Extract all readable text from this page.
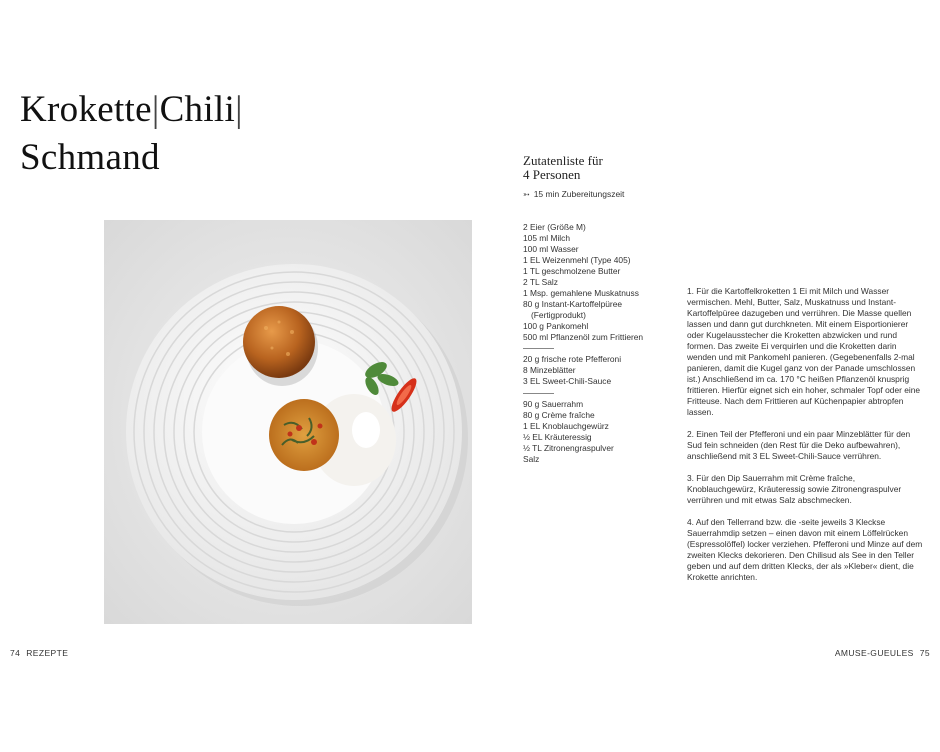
Krokette|Chili|
Schmand	Zutatenliste für
4 Personen
➳ 15 min Zubereitungszeit
2 Eier (Größe M)
105 ml Milch
100 ml Wasser
1 EL Weizenmehl (Type 405)
1 TL geschmolzene Butter
2 TL Salz
1 Msp. gemahlene Muskatnuss
80 g Instant-Kartoffelpüree
(Fertigprodukt)
100 g Pankomehl
500 ml Pflanzenöl zum Frittieren
20 g frische rote Pfefferoni
8 Minzeblätter
3 EL Sweet-Chili-Sauce
90 g Sauerrahm
80 g Crème fraîche
1 EL Knoblauchgewürz
½ EL Kräuteressig
½ TL Zitronengraspulver
Salz

1. Für die Kartoffelkroketten 1 Ei mit Milch und Wasser vermischen. Mehl, Butter, Salz, Muskatnuss und Instant-Kartoffelpüree dazugeben und verrühren. Die Masse quellen lassen und dann gut durchkneten. Mit einem Eisportionierer oder Kugelausstecher die Kroketten abzwicken und rund formen. Das zweite Ei verquirlen und die Kroketten darin wenden und mit Pankomehl panieren. (Gegebenenfalls 2-mal panieren, damit die Kugel ganz von der Panade umschlossen ist.) Anschließend im ca. 170 °C heißen Pflanzenöl knusprig frittieren. Hierfür eignet sich ein hoher, schmaler Topf oder eine Fritteuse. Nach dem Frittieren auf Küchenpapier abtropfen lassen.

2. Einen Teil der Pfefferoni und ein paar Minzeblätter für den Sud fein schneiden (den Rest für die Deko aufbewahren), anschließend mit 3 EL Sweet-Chili-Sauce verrühren.

3. Für den Dip Sauerrahm mit Crème fraîche, Knoblauchgewürz, Kräuteressig sowie Zitronengraspulver verrühren und mit etwas Salz abschmecken.

4. Auf den Tellerrand bzw. die -seite jeweils 3 Kleckse Sauerrahmdip setzen – einen davon mit einem Löffelrücken (Espressolöffel) locker verziehen. Pfefferoni und Minze auf dem zweiten Klecks dekorieren. Den Chilisud als See in den Teller geben und auf dem dritten Klecks, der als »Kleber« dient, die Krokette anrichten.

74 REZEPTE	AMUSE-GUEULES 75
